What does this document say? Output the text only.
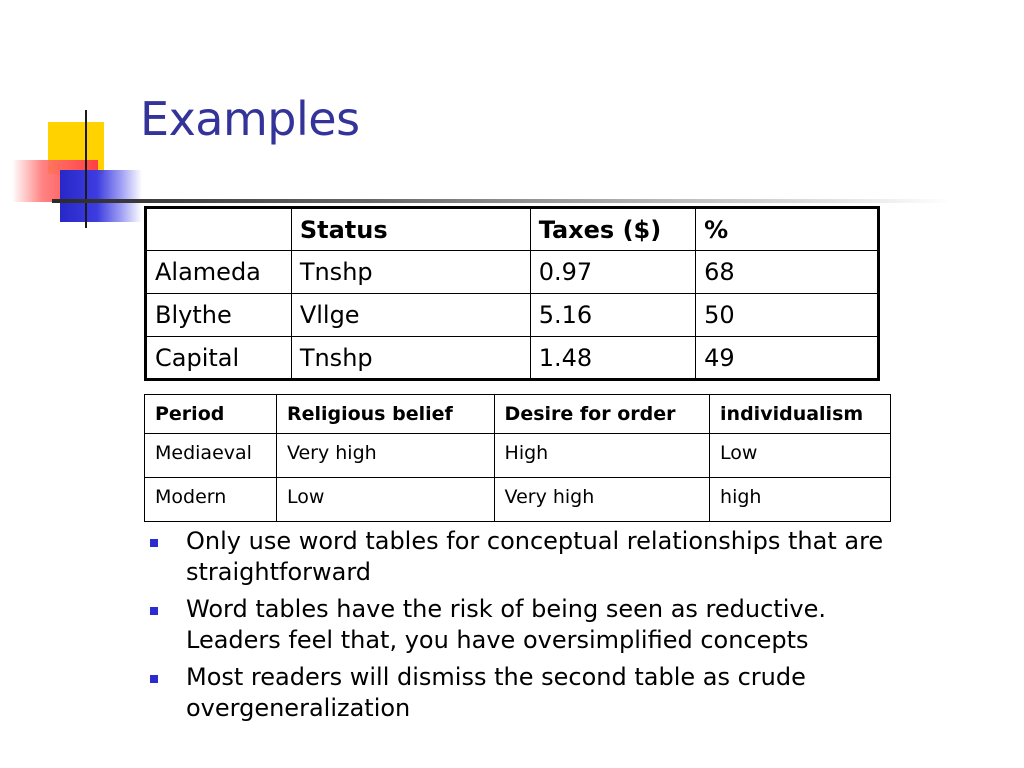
Examples
	Status	Taxes ($)	%
Alameda	Tnshp	0.97	68
Blythe	Vllge	5.16	50
Capital	Tnshp	1.48	49
Period	Religious belief	Desire for order	individualism
Mediaeval	Very high	High	Low
Modern	Low	Very high	high
Only use word tables for conceptual relationships that are straightforward
Word tables have the risk of being seen as reductive. Leaders feel that, you have oversimplified concepts
Most readers will dismiss the second table as crude overgeneralization
